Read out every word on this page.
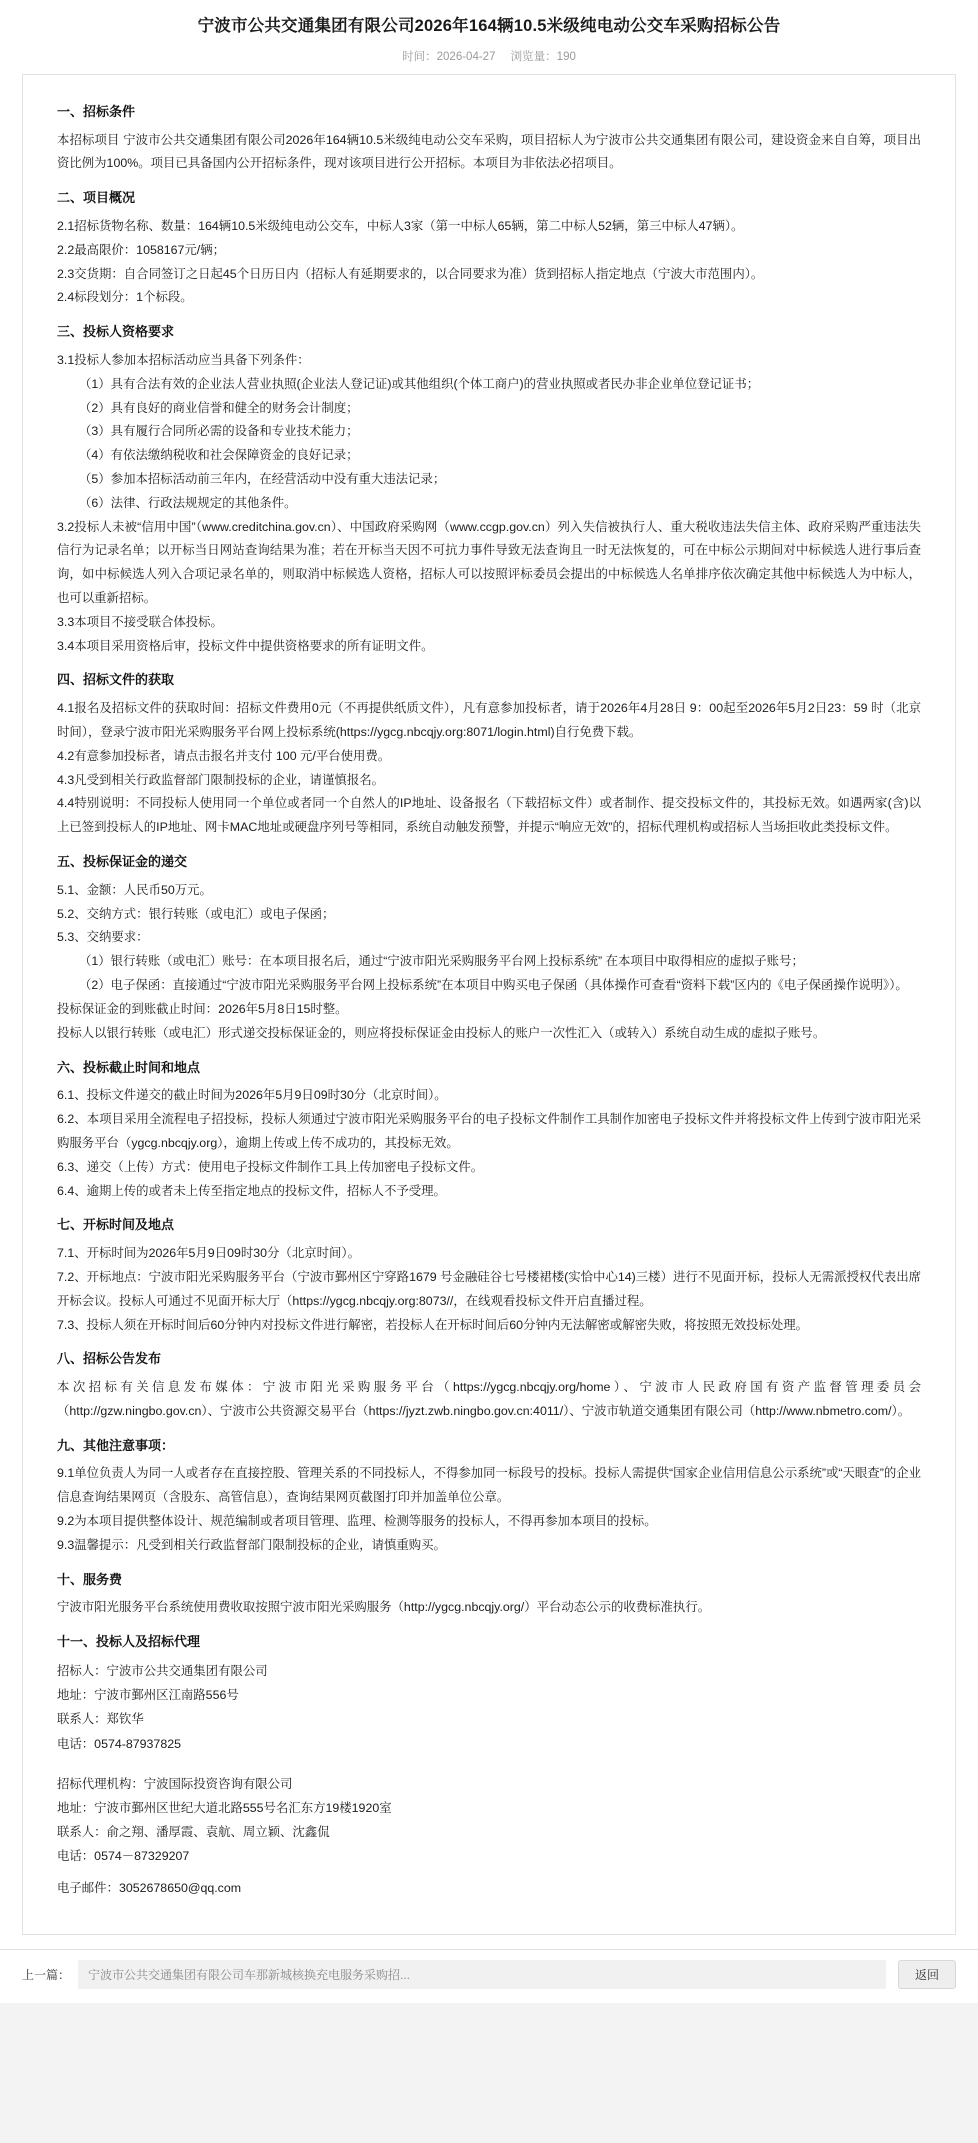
宁波市公共交通集团有限公司2026年164辆10.5米级纯电动公交车采购招标公告
时间：2026-04-27 浏览量：190
一、招标条件

本招标项目 宁波市公共交通集团有限公司2026年164辆10.5米级纯电动公交车采购，项目招标人为宁波市公共交通集团有限公司，建设资金来自自筹，项目出资比例为100%。项目已具备国内公开招标条件，现对该项目进行公开招标。本项目为非依法必招项目。

二、项目概况

2.1招标货物名称、数量：164辆10.5米级纯电动公交车，中标人3家（第一中标人65辆，第二中标人52辆，第三中标人47辆）。

2.2最高限价：1058167元/辆；

2.3交货期：自合同签订之日起45个日历日内（招标人有延期要求的，以合同要求为准）货到招标人指定地点（宁波大市范围内）。

2.4标段划分：1个标段。

三、投标人资格要求

3.1投标人参加本招标活动应当具备下列条件：

（1）具有合法有效的企业法人营业执照(企业法人登记证)或其他组织(个体工商户)的营业执照或者民办非企业单位登记证书；

（2）具有良好的商业信誉和健全的财务会计制度；

（3）具有履行合同所必需的设备和专业技术能力；

（4）有依法缴纳税收和社会保障资金的良好记录；

（5）参加本招标活动前三年内，在经营活动中没有重大违法记录；

（6）法律、行政法规规定的其他条件。

3.2投标人未被“信用中国”（www.creditchina.gov.cn）、中国政府采购网（www.ccgp.gov.cn）列入失信被执行人、重大税收违法失信主体、政府采购严重违法失信行为记录名单；以开标当日网站查询结果为准；若在开标当天因不可抗力事件导致无法查询且一时无法恢复的，可在中标公示期间对中标候选人进行事后查询，如中标候选人列入合项记录名单的，则取消中标候选人资格，招标人可以按照评标委员会提出的中标候选人名单排序依次确定其他中标候选人为中标人，也可以重新招标。

3.3本项目不接受联合体投标。

3.4本项目采用资格后审，投标文件中提供资格要求的所有证明文件。

四、招标文件的获取

4.1报名及招标文件的获取时间：招标文件费用0元（不再提供纸质文件），凡有意参加投标者，请于2026年4月28日 9：00起至2026年5月2日23：59 时（北京时间），登录宁波市阳光采购服务平台网上投标系统(https://ygcg.nbcqjy.org:8071/login.html)自行免费下载。

4.2有意参加投标者，请点击报名并支付 100 元/平台使用费。

4.3凡受到相关行政监督部门限制投标的企业，请谨慎报名。

4.4特别说明：不同投标人使用同一个单位或者同一个自然人的IP地址、设备报名（下载招标文件）或者制作、提交投标文件的，其投标无效。如遇两家(含)以上已签到投标人的IP地址、网卡MAC地址或硬盘序列号等相同，系统自动触发预警，并提示“响应无效”的，招标代理机构或招标人当场拒收此类投标文件。

五、投标保证金的递交

5.1、金额：人民币50万元。

5.2、交纳方式：银行转账（或电汇）或电子保函；

5.3、交纳要求：

（1）银行转账（或电汇）账号：在本项目报名后，通过“宁波市阳光采购服务平台网上投标系统” 在本项目中取得相应的虚拟子账号；

（2）电子保函：直接通过“宁波市阳光采购服务平台网上投标系统”在本项目中购买电子保函（具体操作可查看“资料下载”区内的《电子保函操作说明》）。

投标保证金的到账截止时间：2026年5月8日15时整。

投标人以银行转账（或电汇）形式递交投标保证金的，则应将投标保证金由投标人的账户一次性汇入（或转入）系统自动生成的虚拟子账号。

六、投标截止时间和地点

6.1、投标文件递交的截止时间为2026年5月9日09时30分（北京时间）。

6.2、本项目采用全流程电子招投标，投标人须通过宁波市阳光采购服务平台的电子投标文件制作工具制作加密电子投标文件并将投标文件上传到宁波市阳光采购服务平台（ygcg.nbcqjy.org），逾期上传或上传不成功的，其投标无效。

6.3、递交（上传）方式：使用电子投标文件制作工具上传加密电子投标文件。

6.4、逾期上传的或者未上传至指定地点的投标文件，招标人不予受理。

七、开标时间及地点

7.1、开标时间为2026年5月9日09时30分（北京时间）。

7.2、开标地点：宁波市阳光采购服务平台（宁波市鄞州区宁穿路1679 号金融硅谷七号楼裙楼(实恰中心14)三楼）进行不见面开标，投标人无需派授权代表出席开标会议。投标人可通过不见面开标大厅（https://ygcg.nbcqjy.org:8073//，在线观看投标文件开启直播过程。

7.3、投标人须在开标时间后60分钟内对投标文件进行解密，若投标人在开标时间后60分钟内无法解密或解密失败，将按照无效投标处理。

八、招标公告发布

本次招标有关信息发布媒体：宁波市阳光采购服务平台（https://ygcg.nbcqjy.org/home）、宁波市人民政府国有资产监督管理委员会（http://gzw.ningbo.gov.cn）、宁波市公共资源交易平台（https://jyzt.zwb.ningbo.gov.cn:4011/）、宁波市轨道交通集团有限公司（http://www.nbmetro.com/）。

九、其他注意事项：

9.1单位负责人为同一人或者存在直接控股、管理关系的不同投标人，不得参加同一标段号的投标。投标人需提供“国家企业信用信息公示系统”或“天眼查”的企业信息查询结果网页（含股东、高管信息），查询结果网页截图打印并加盖单位公章。

9.2为本项目提供整体设计、规范编制或者项目管理、监理、检测等服务的投标人，不得再参加本项目的投标。

9.3温馨提示：凡受到相关行政监督部门限制投标的企业，请慎重购买。

十、服务费

宁波市阳光服务平台系统使用费收取按照宁波市阳光采购服务（http://ygcg.nbcqjy.org/）平台动态公示的收费标准执行。

十一、投标人及招标代理

招标人：宁波市公共交通集团有限公司

地址：宁波市鄞州区江南路556号

联系人：郑钦华

电话：0574-87937825

招标代理机构：宁波国际投资咨询有限公司

地址：宁波市鄞州区世纪大道北路555号名汇东方19楼1920室

联系人：俞之翔、潘厚霞、袁航、周立颖、沈鑫侃

电话：0574－87329207

电子邮件：3052678650@qq.com

上一篇：	宁波市公共交通集团有限公司车那新城核换充电服务采购招...	返回
